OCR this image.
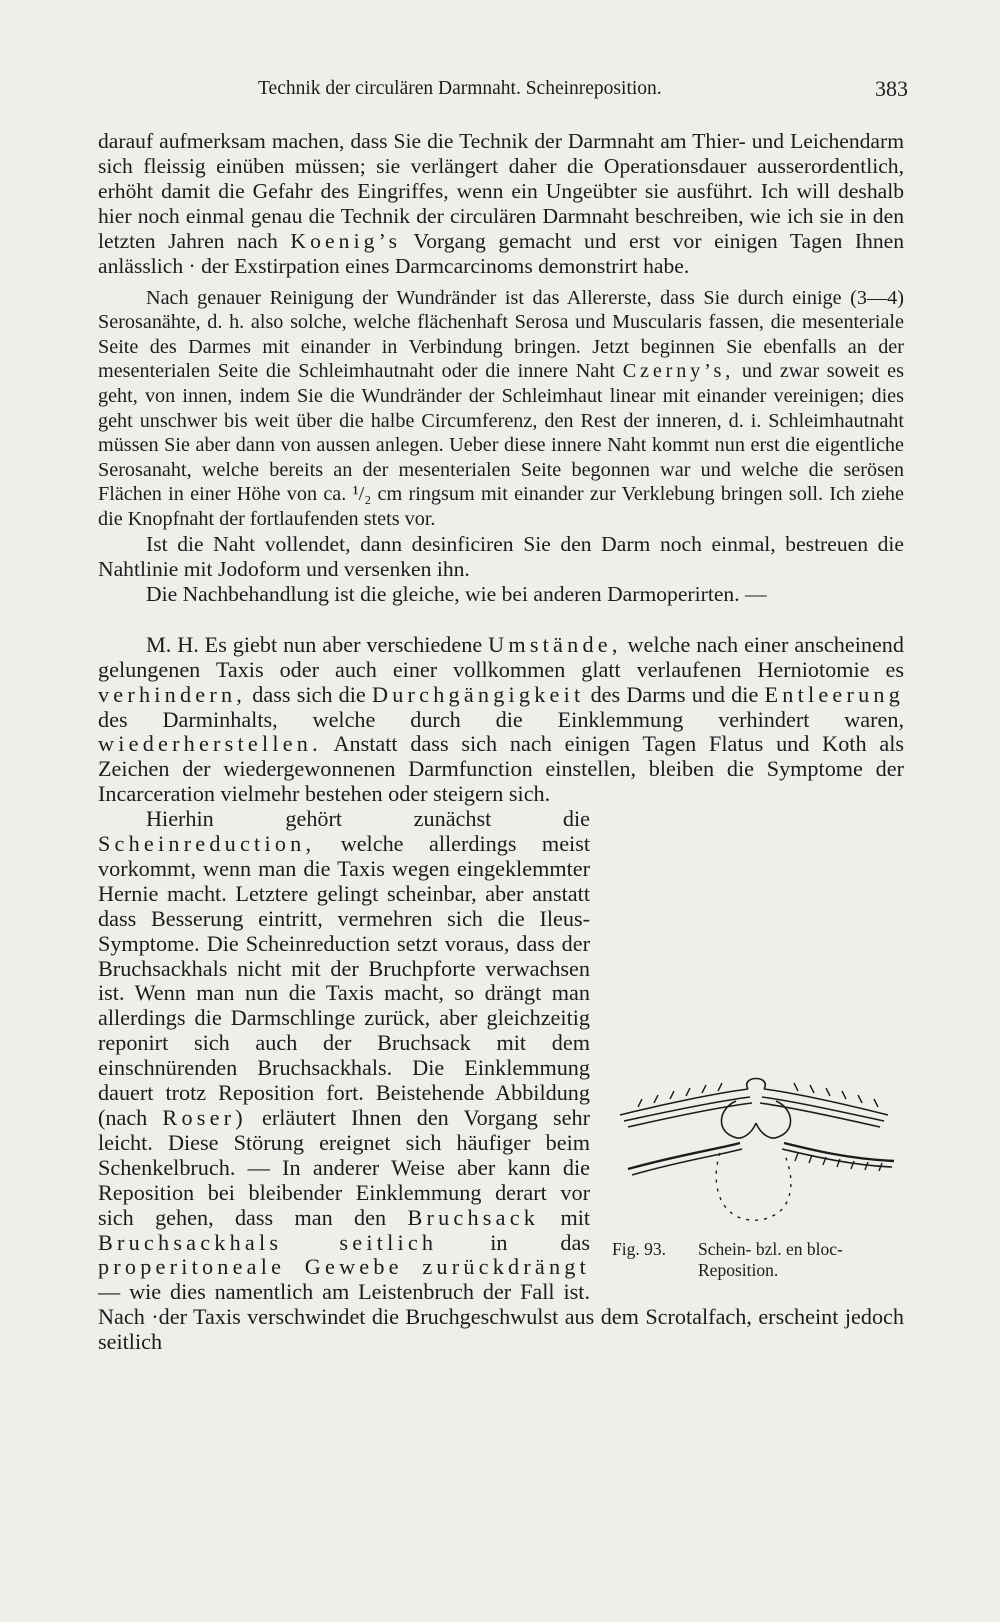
Technik der circulären Darmnaht. Scheinreposition.	383

darauf aufmerksam machen, dass Sie die Technik der Darmnaht am Thier- und Leichendarm sich fleissig einüben müssen; sie verlängert daher die Operationsdauer ausserordentlich, erhöht damit die Gefahr des Eingriffes, wenn ein Ungeübter sie ausführt. Ich will deshalb hier noch einmal genau die Technik der circulären Darmnaht beschreiben, wie ich sie in den letzten Jahren nach Koenig’s Vorgang gemacht und erst vor einigen Tagen Ihnen anlässlich · der Exstirpation eines Darmcarcinoms demonstrirt habe.

Nach genauer Reinigung der Wundränder ist das Allererste, dass Sie durch einige (3—4) Serosanähte, d. h. also solche, welche flächenhaft Serosa und Muscularis fassen, die mesenteriale Seite des Darmes mit einander in Verbindung bringen. Jetzt beginnen Sie ebenfalls an der mesenterialen Seite die Schleimhautnaht oder die innere Naht Czerny’s, und zwar soweit es geht, von innen, indem Sie die Wundränder der Schleimhaut linear mit einander vereinigen; dies geht unschwer bis weit über die halbe Circumferenz, den Rest der inneren, d. i. Schleimhautnaht müssen Sie aber dann von aussen anlegen. Ueber diese innere Naht kommt nun erst die eigentliche Serosanaht, welche bereits an der mesenterialen Seite begonnen war und welche die serösen Flächen in einer Höhe von ca. ¹/₂ cm ringsum mit einander zur Verklebung bringen soll. Ich ziehe die Knopfnaht der fortlaufenden stets vor.

Ist die Naht vollendet, dann desinficiren Sie den Darm noch einmal, bestreuen die Nahtlinie mit Jodoform und versenken ihn.

Die Nachbehandlung ist die gleiche, wie bei anderen Darmoperirten. —

M. H. Es giebt nun aber verschiedene Umstände, welche nach einer anscheinend gelungenen Taxis oder auch einer vollkommen glatt verlaufenen Herniotomie es verhindern, dass sich die Durchgängigkeit des Darms und die Entleerung des Darminhalts, welche durch die Einklemmung verhindert waren, wiederherstellen. Anstatt dass sich nach einigen Tagen Flatus und Koth als Zeichen der wiedergewonnenen Darmfunction einstellen, bleiben die Symptome der Incarceration vielmehr bestehen oder steigern sich.

Fig. 93.	Schein- bzl. en bloc-Reposition.

Hierhin gehört zunächst die Scheinreduction, welche allerdings meist vorkommt, wenn man die Taxis wegen eingeklemmter Hernie macht. Letztere gelingt scheinbar, aber anstatt dass Besserung eintritt, vermehren sich die Ileus-Symptome. Die Scheinreduction setzt voraus, dass der Bruchsackhals nicht mit der Bruchpforte verwachsen ist. Wenn man nun die Taxis macht, so drängt man allerdings die Darmschlinge zurück, aber gleichzeitig reponirt sich auch der Bruchsack mit dem einschnürenden Bruchsackhals. Die Einklemmung dauert trotz Reposition fort. Beistehende Abbildung (nach Roser) erläutert Ihnen den Vorgang sehr leicht. Diese Störung ereignet sich häufiger beim Schenkelbruch. — In anderer Weise aber kann die Reposition bei bleibender Einklemmung derart vor sich gehen, dass man den Bruchsack mit Bruchsackhals seitlich in das properitoneale Gewebe zurückdrängt — wie dies namentlich am Leistenbruch der Fall ist. Nach ·der Taxis verschwindet die Bruchgeschwulst aus dem Scrotalfach, erscheint jedoch seitlich
